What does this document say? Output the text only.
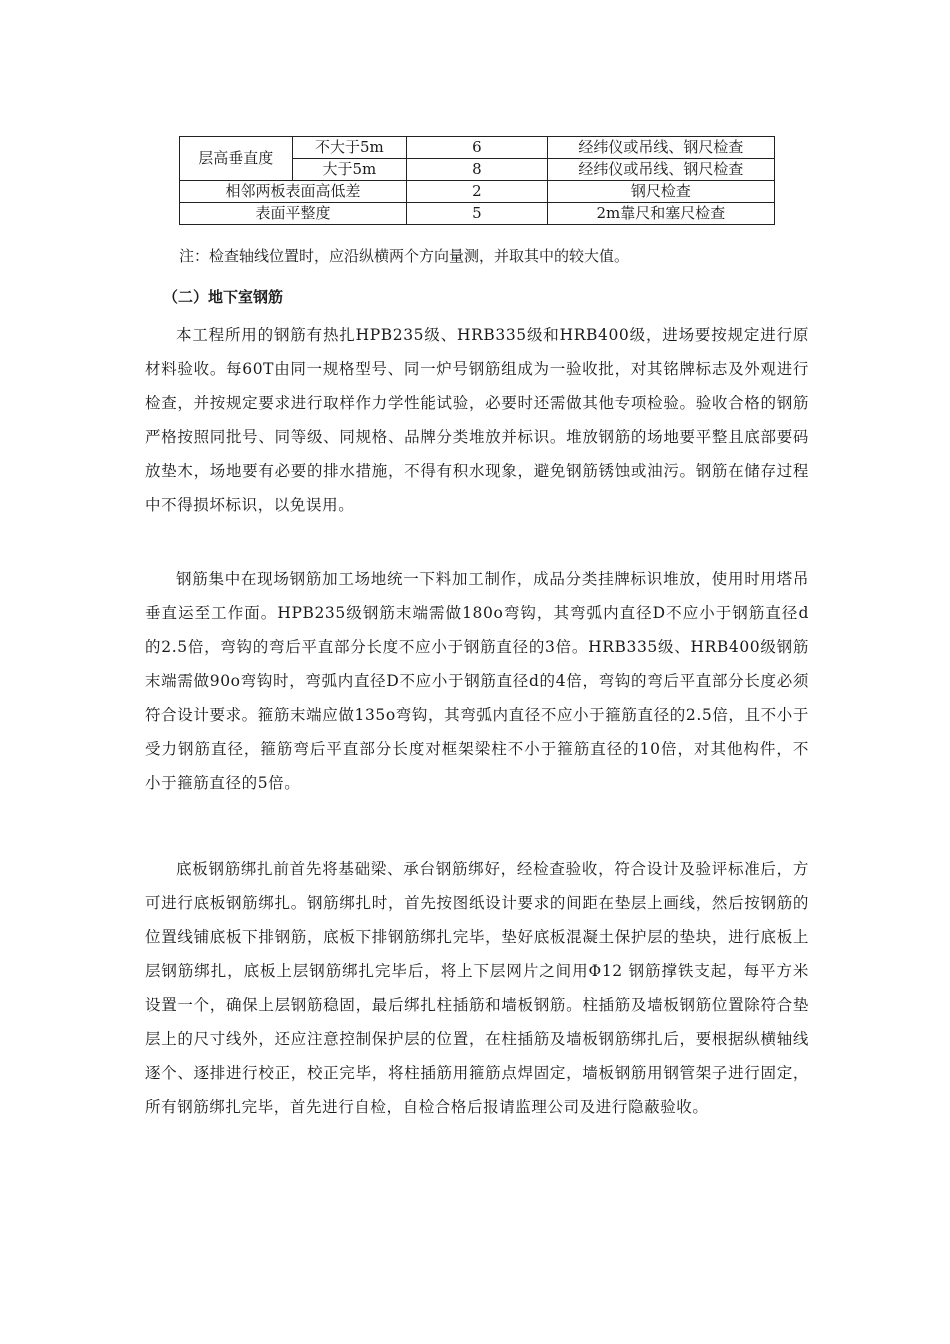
层高垂直度	不大于5m	6	经纬仪或吊线、钢尺检查
	大于5m	8	经纬仪或吊线、钢尺检查
相邻两板表面高低差		2	钢尺检查
表面平整度		5	2m靠尺和塞尺检查
注：检查轴线位置时，应沿纵横两个方向量测，并取其中的较大值。
（二）地下室钢筋

本工程所用的钢筋有热扎HPB235级、HRB335级和HRB400级，进场要按规定进行原材料验收。每60T由同一规格型号、同一炉号钢筋组成为一验收批，对其铭牌标志及外观进行检查，并按规定要求进行取样作力学性能试验，必要时还需做其他专项检验。验收合格的钢筋严格按照同批号、同等级、同规格、品牌分类堆放并标识。堆放钢筋的场地要平整且底部要码放垫木，场地要有必要的排水措施，不得有积水现象，避免钢筋锈蚀或油污。钢筋在储存过程中不得损坏标识，以免误用。

钢筋集中在现场钢筋加工场地统一下料加工制作，成品分类挂牌标识堆放，使用时用塔吊垂直运至工作面。HPB235级钢筋末端需做180o弯钩，其弯弧内直径D不应小于钢筋直径d的2.5倍，弯钩的弯后平直部分长度不应小于钢筋直径的3倍。HRB335级、HRB400级钢筋末端需做90o弯钩时，弯弧内直径D不应小于钢筋直径d的4倍，弯钩的弯后平直部分长度必须符合设计要求。箍筋末端应做135o弯钩，其弯弧内直径不应小于箍筋直径的2.5倍，且不小于受力钢筋直径，箍筋弯后平直部分长度对框架梁柱不小于箍筋直径的10倍，对其他构件，不小于箍筋直径的5倍。

底板钢筋绑扎前首先将基础梁、承台钢筋绑好，经检查验收，符合设计及验评标准后，方可进行底板钢筋绑扎。钢筋绑扎时，首先按图纸设计要求的间距在垫层上画线，然后按钢筋的位置线铺底板下排钢筋，底板下排钢筋绑扎完毕，垫好底板混凝土保护层的垫块，进行底板上层钢筋绑扎，底板上层钢筋绑扎完毕后，将上下层网片之间用Φ12 钢筋撑铁支起，每平方米设置一个，确保上层钢筋稳固，最后绑扎柱插筋和墙板钢筋。柱插筋及墙板钢筋位置除符合垫层上的尺寸线外，还应注意控制保护层的位置，在柱插筋及墙板钢筋绑扎后，要根据纵横轴线逐个、逐排进行校正，校正完毕，将柱插筋用箍筋点焊固定，墙板钢筋用钢管架子进行固定，所有钢筋绑扎完毕，首先进行自检，自检合格后报请监理公司及进行隐蔽验收。
